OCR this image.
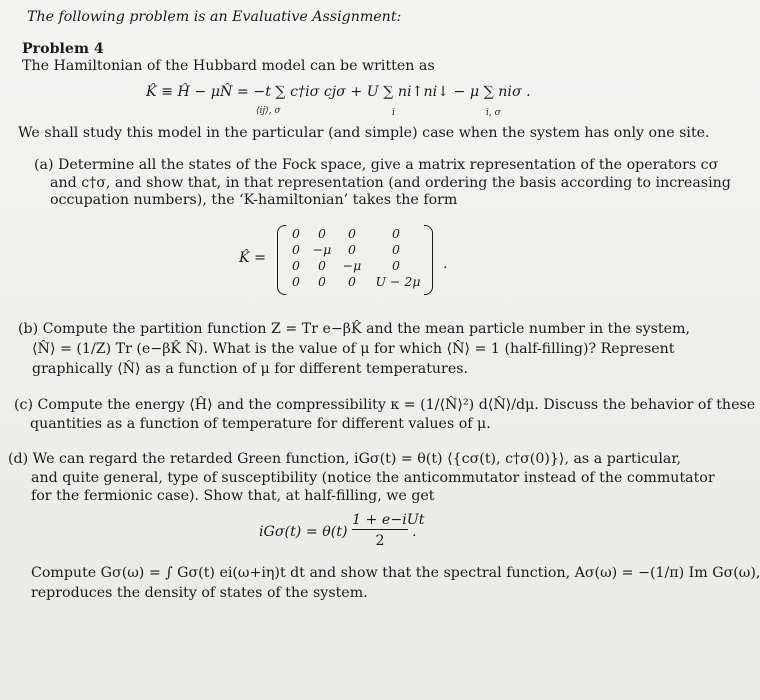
The following problem is an Evaluative Assignment:
Problem 4
The Hamiltonian of the Hubbard model can be written as
K̂ ≡ Ĥ − μN̂ = −t ∑ c†iσ cjσ + U ∑ ni↑ni↓ − μ ∑ niσ .
⟨ij⟩, σ	i	i, σ
We shall study this model in the particular (and simple) case when the system has only one site.
(a) Determine all the states of the Fock space, give a matrix representation of the operators cσ
and c†σ, and show that, in that representation (and ordering the basis according to increasing
occupation numbers), the ‘K-hamiltonian’ takes the form
K̂ =
0	0	0	0
0	−μ	0	0
0	0	−μ	0
0	0	0	U − 2μ
.
(b) Compute the partition function Z = Tr e−βK̂ and the mean particle number in the system,
⟨N̂⟩ = (1/Z) Tr (e−βK̂ N̂). What is the value of μ for which ⟨N̂⟩ = 1 (half-filling)? Represent
graphically ⟨N̂⟩ as a function of μ for different temperatures.
(c) Compute the energy ⟨Ĥ⟩ and the compressibility κ = (1/⟨N̂⟩²) d⟨N̂⟩/dμ. Discuss the behavior of these
quantities as a function of temperature for different values of μ.
(d) We can regard the retarded Green function, iGσ(t) = θ(t) ⟨{cσ(t), c†σ(0)}⟩, as a particular,
and quite general, type of susceptibility (notice the anticommutator instead of the commutator
for the fermionic case). Show that, at half-filling, we get
iGσ(t) = θ(t)
1 + e−iUt
2
.
Compute Gσ(ω) = ∫ Gσ(t) ei(ω+iη)t dt and show that the spectral function, Aσ(ω) = −(1/π) Im Gσ(ω),
reproduces the density of states of the system.
